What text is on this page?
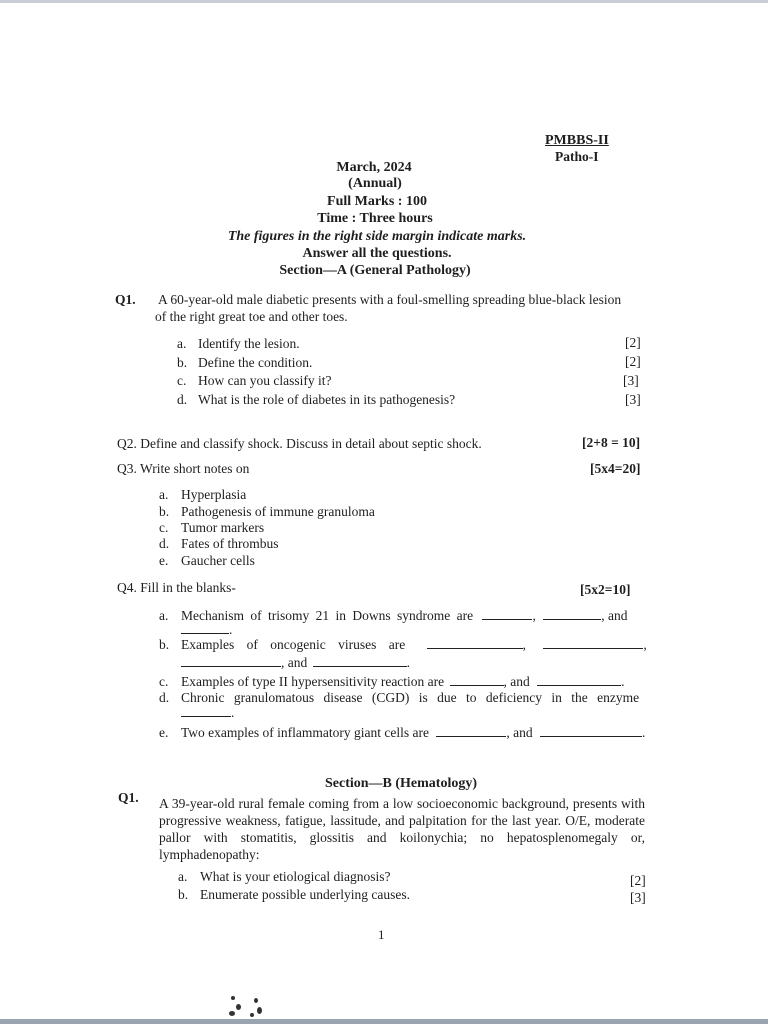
PMBBS-II
Patho-I
March, 2024
(Annual)
Full Marks : 100
Time : Three hours
The figures in the right side margin indicate marks.
Answer all the questions.
Section—A (General Pathology)
Q1. A 60-year-old male diabetic presents with a foul-smelling spreading blue-black lesion
of the right great toe and other toes.
a. Identify the lesion.	[2]
b. Define the condition.	[2]
c. How can you classify it?	[3]
d. What is the role of diabetes in its pathogenesis?	[3]
Q2. Define and classify shock. Discuss in detail about septic shock.	[2+8 = 10]
Q3. Write short notes on	[5x4=20]
a. Hyperplasia
b. Pathogenesis of immune granuloma
c. Tumor markers
d. Fates of thrombus
e. Gaucher cells
Q4. Fill in the blanks-	[5x2=10]
a. Mechanism of trisomy 21 in Downs syndrome are	,	, and
.
b. Examples of oncogenic viruses are	,	,
, and	.
c. Examples of type II hypersensitivity reaction are	, and	.
d. Chronic granulomatous disease (CGD) is due to deficiency in the enzyme
.
e. Two examples of inflammatory giant cells are	, and	.
Section—B (Hematology)
Q1. A 39-year-old rural female coming from a low socioeconomic background, presents with progressive weakness, fatigue, lassitude, and palpitation for the last year. O/E, moderate pallor with stomatitis, glossitis and koilonychia; no hepatosplenomegaly or, lymphadenopathy:
a. What is your etiological diagnosis?	[2]
b. Enumerate possible underlying causes.	[3]
1
